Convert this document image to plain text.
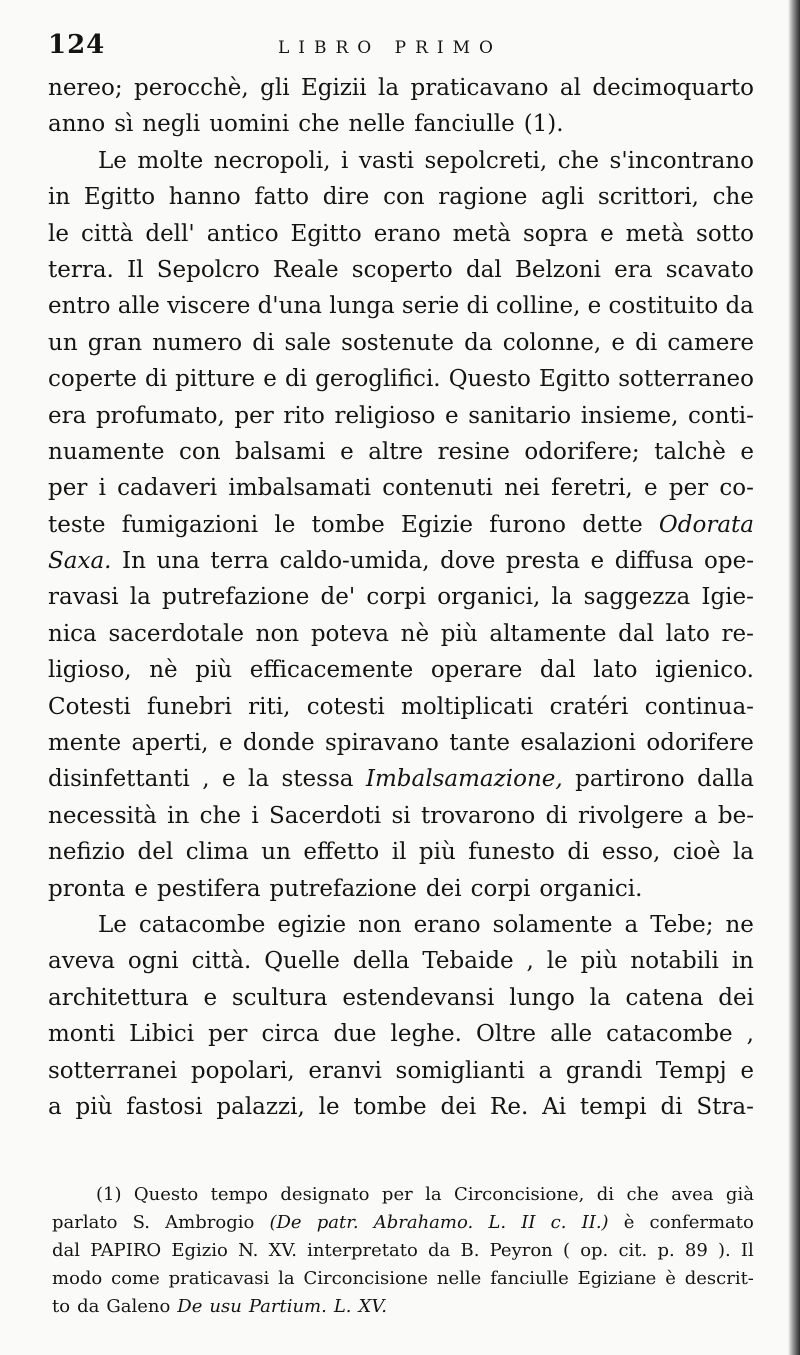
124	LIBRO PRIMO
nereo; perocchè, gli Egizii la praticavano al decimoquarto
anno sì negli uomini che nelle fanciulle (1).
Le molte necropoli, i vasti sepolcreti, che s'incontrano
in Egitto hanno fatto dire con ragione agli scrittori, che
le città dell' antico Egitto erano metà sopra e metà sotto
terra. Il Sepolcro Reale scoperto dal Belzoni era scavato
entro alle viscere d'una lunga serie di colline, e costituito da
un gran numero di sale sostenute da colonne, e di camere
coperte di pitture e di geroglifici. Questo Egitto sotterraneo
era profumato, per rito religioso e sanitario insieme, conti-
nuamente con balsami e altre resine odorifere; talchè e
per i cadaveri imbalsamati contenuti nei feretri, e per co-
teste fumigazioni le tombe Egizie furono dette Odorata
Saxa. In una terra caldo-umida, dove presta e diffusa ope-
ravasi la putrefazione de' corpi organici, la saggezza Igie-
nica sacerdotale non poteva nè più altamente dal lato re-
ligioso, nè più efficacemente operare dal lato igienico.
Cotesti funebri riti, cotesti moltiplicati cratéri continua-
mente aperti, e donde spiravano tante esalazioni odorifere
disinfettanti , e la stessa Imbalsamazione, partirono dalla
necessità in che i Sacerdoti si trovarono di rivolgere a be-
nefizio del clima un effetto il più funesto di esso, cioè la
pronta e pestifera putrefazione dei corpi organici.
Le catacombe egizie non erano solamente a Tebe; ne
aveva ogni città. Quelle della Tebaide , le più notabili in
architettura e scultura estendevansi lungo la catena dei
monti Libici per circa due leghe. Oltre alle catacombe ,
sotterranei popolari, eranvi somiglianti a grandi Tempj e
a più fastosi palazzi, le tombe dei Re. Ai tempi di Stra-
(1) Questo tempo designato per la Circoncisione, di che avea già
parlato S. Ambrogio (De patr. Abrahamo. L. II c. II.) è confermato
dal PAPIRO Egizio N. XV. interpretato da B. Peyron ( op. cit. p. 89 ). Il
modo come praticavasi la Circoncisione nelle fanciulle Egiziane è descrit-
to da Galeno De usu Partium. L. XV.
